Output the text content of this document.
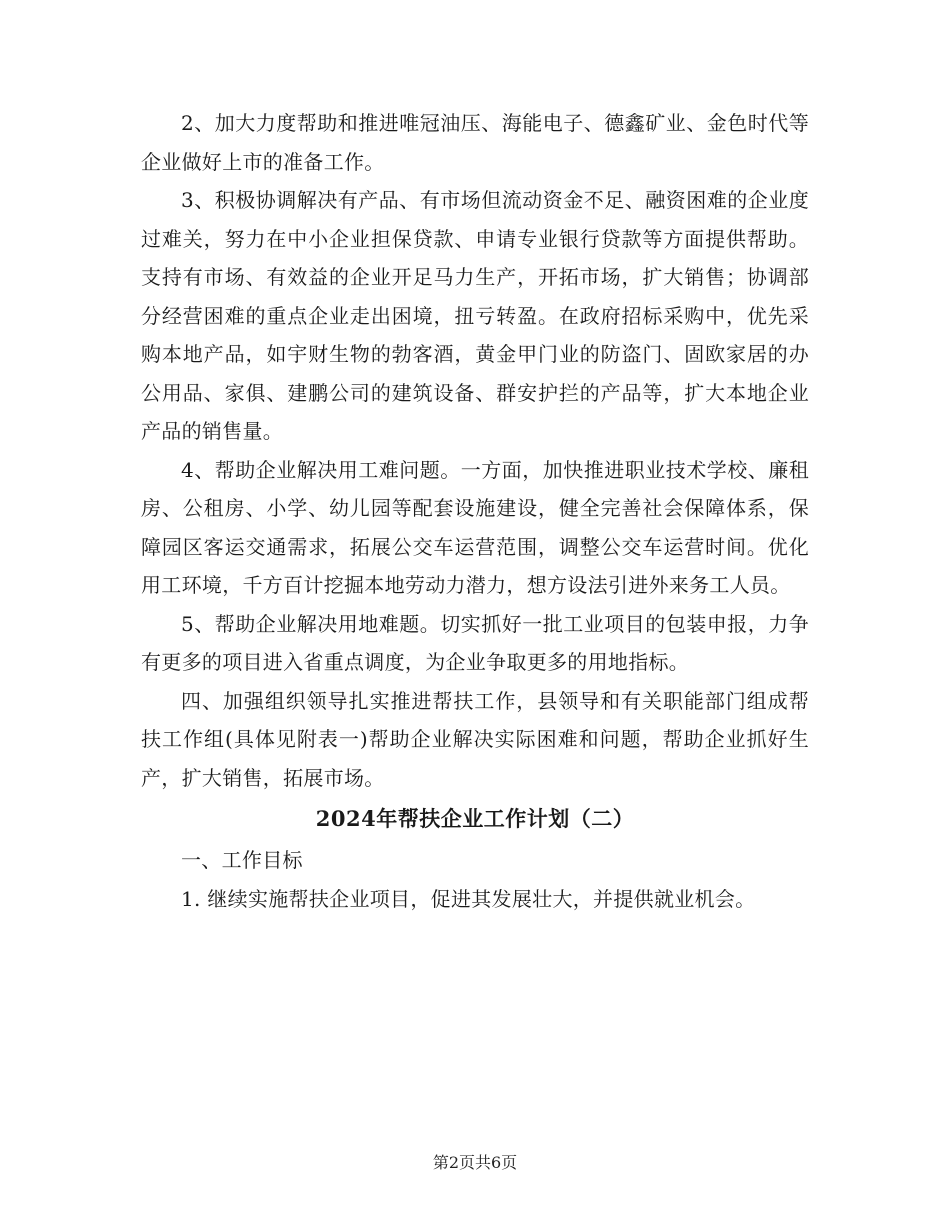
2、加大力度帮助和推进唯冠油压、海能电子、德鑫矿业、金色时代等企业做好上市的准备工作。

3、积极协调解决有产品、有市场但流动资金不足、融资困难的企业度过难关，努力在中小企业担保贷款、申请专业银行贷款等方面提供帮助。支持有市场、有效益的企业开足马力生产，开拓市场，扩大销售；协调部分经营困难的重点企业走出困境，扭亏转盈。在政府招标采购中，优先采购本地产品，如宇财生物的勃客酒，黄金甲门业的防盗门、固欧家居的办公用品、家俱、建鹏公司的建筑设备、群安护拦的产品等，扩大本地企业产品的销售量。

4、帮助企业解决用工难问题。一方面，加快推进职业技术学校、廉租房、公租房、小学、幼儿园等配套设施建设，健全完善社会保障体系，保障园区客运交通需求，拓展公交车运营范围，调整公交车运营时间。优化用工环境，千方百计挖掘本地劳动力潜力，想方设法引进外来务工人员。

5、帮助企业解决用地难题。切实抓好一批工业项目的包装申报，力争有更多的项目进入省重点调度，为企业争取更多的用地指标。

四、加强组织领导扎实推进帮扶工作，县领导和有关职能部门组成帮扶工作组(具体见附表一)帮助企业解决实际困难和问题，帮助企业抓好生产，扩大销售，拓展市场。

2024年帮扶企业工作计划（二）

一、工作目标

1. 继续实施帮扶企业项目，促进其发展壮大，并提供就业机会。

第2页共6页
